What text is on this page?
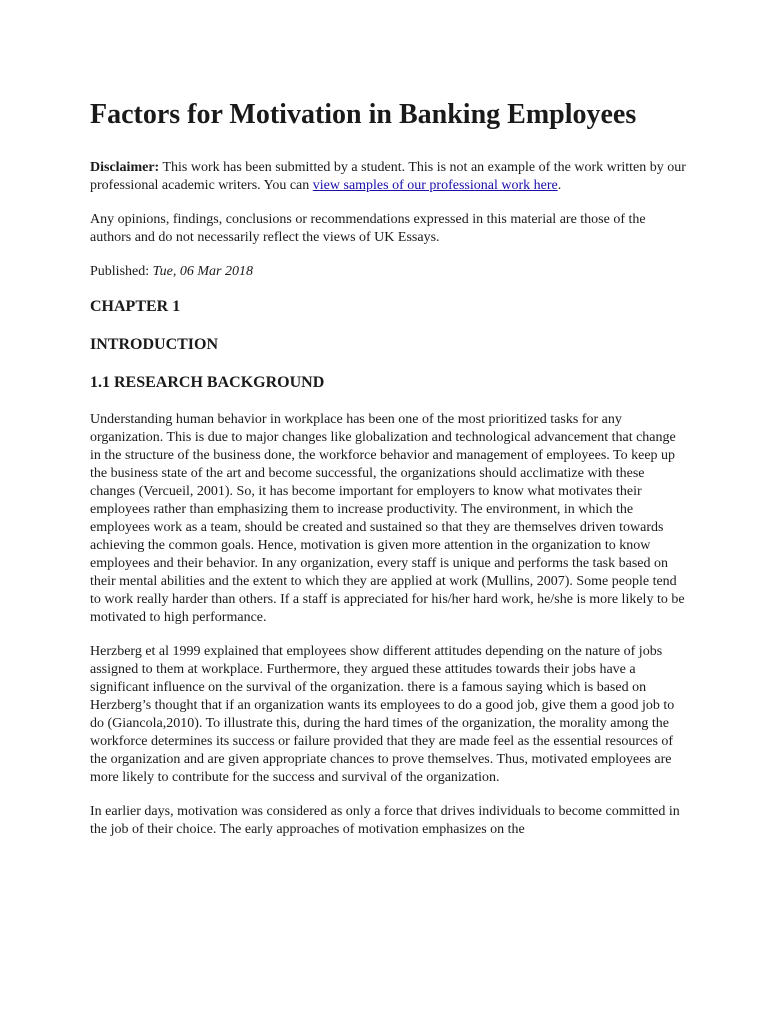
Factors for Motivation in Banking Employees

Disclaimer: This work has been submitted by a student. This is not an example of the work written by our professional academic writers. You can view samples of our professional work here.

Any opinions, findings, conclusions or recommendations expressed in this material are those of the authors and do not necessarily reflect the views of UK Essays.

Published: Tue, 06 Mar 2018

CHAPTER 1
INTRODUCTION
1.1 RESEARCH BACKGROUND

Understanding human behavior in workplace has been one of the most prioritized tasks for any organization. This is due to major changes like globalization and technological advancement that change in the structure of the business done, the workforce behavior and management of employees. To keep up the business state of the art and become successful, the organizations should acclimatize with these changes (Vercueil, 2001). So, it has become important for employers to know what motivates their employees rather than emphasizing them to increase productivity. The environment, in which the employees work as a team, should be created and sustained so that they are themselves driven towards achieving the common goals. Hence, motivation is given more attention in the organization to know employees and their behavior. In any organization, every staff is unique and performs the task based on their mental abilities and the extent to which they are applied at work (Mullins, 2007). Some people tend to work really harder than others. If a staff is appreciated for his/her hard work, he/she is more likely to be motivated to high performance.

Herzberg et al 1999 explained that employees show different attitudes depending on the nature of jobs assigned to them at workplace. Furthermore, they argued these attitudes towards their jobs have a significant influence on the survival of the organization. there is a famous saying which is based on Herzberg’s thought that if an organization wants its employees to do a good job, give them a good job to do (Giancola,2010). To illustrate this, during the hard times of the organization, the morality among the workforce determines its success or failure provided that they are made feel as the essential resources of the organization and are given appropriate chances to prove themselves. Thus, motivated employees are more likely to contribute for the success and survival of the organization.

In earlier days, motivation was considered as only a force that drives individuals to become committed in the job of their choice. The early approaches of motivation emphasizes on the
